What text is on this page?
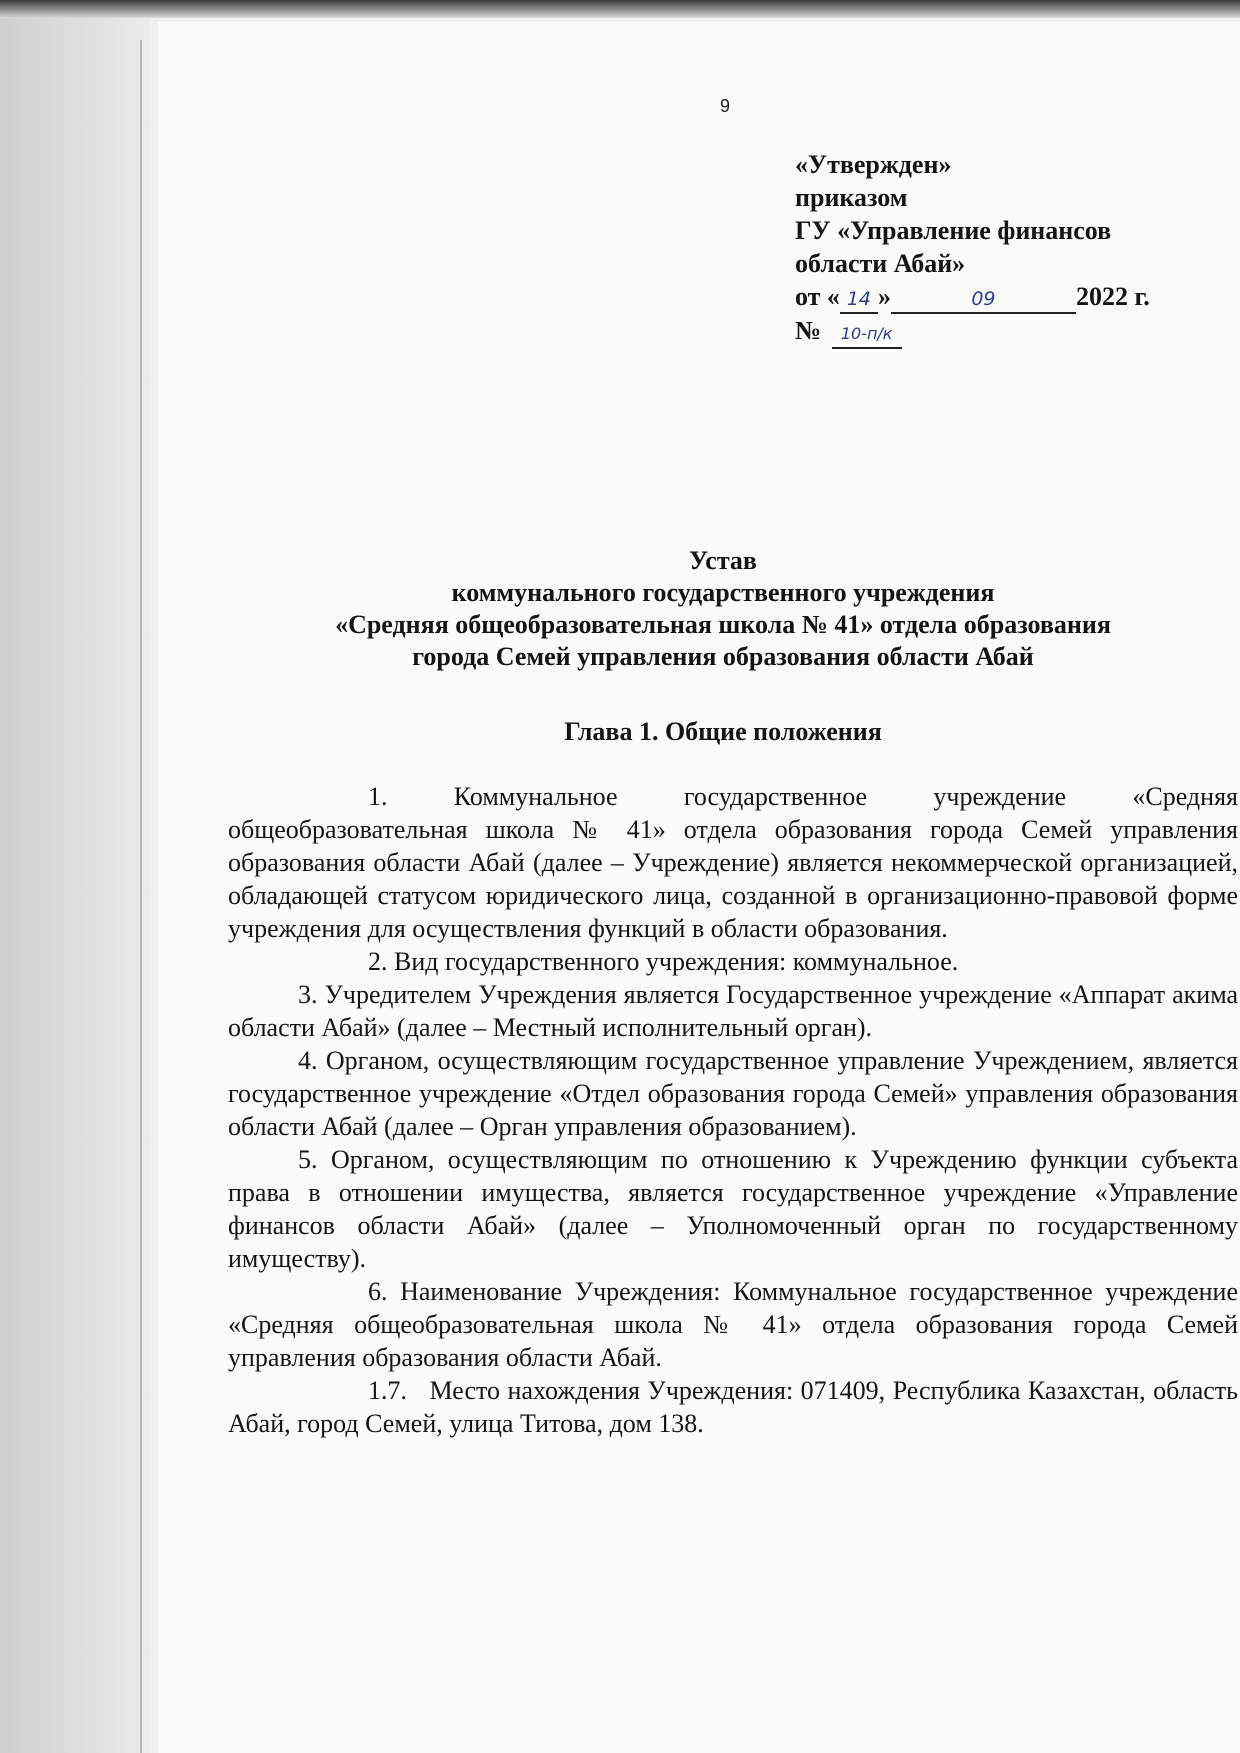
9
«Утвержден»
приказом
ГУ «Управление финансов
области Абай»
от « 14 »	09	2022 г.
№ 10-п/к
Устав
коммунального государственного учреждения
«Средняя общеобразовательная школа № 41» отдела образования
города Семей управления образования области Абай
Глава 1. Общие положения

1.	Коммунальное государственное учреждение «Средняя общеобразовательная школа № 41» отдела образования города Семей управления образования области Абай (далее – Учреждение) является некоммерческой организацией, обладающей статусом юридического лица, созданной в организационно-правовой форме учреждения для осуществления функций в области образования.

2. Вид государственного учреждения: коммунальное.

3. Учредителем Учреждения является Государственное учреждение «Аппарат акима области Абай» (далее – Местный исполнительный орган).

4. Органом, осуществляющим государственное управление Учреждением, является государственное учреждение «Отдел образования города Семей» управления образования области Абай (далее – Орган управления образованием).

5. Органом, осуществляющим по отношению к Учреждению функции субъекта права в отношении имущества, является государственное учреждение «Управление финансов области Абай» (далее – Уполномоченный орган по государственному имуществу).

6. Наименование Учреждения: Коммунальное государственное учреждение «Средняя общеобразовательная школа № 41» отдела образования города Семей управления образования области Абай.

1.7. Место нахождения Учреждения: 071409, Республика Казахстан, область Абай, город Семей, улица Титова, дом 138.
